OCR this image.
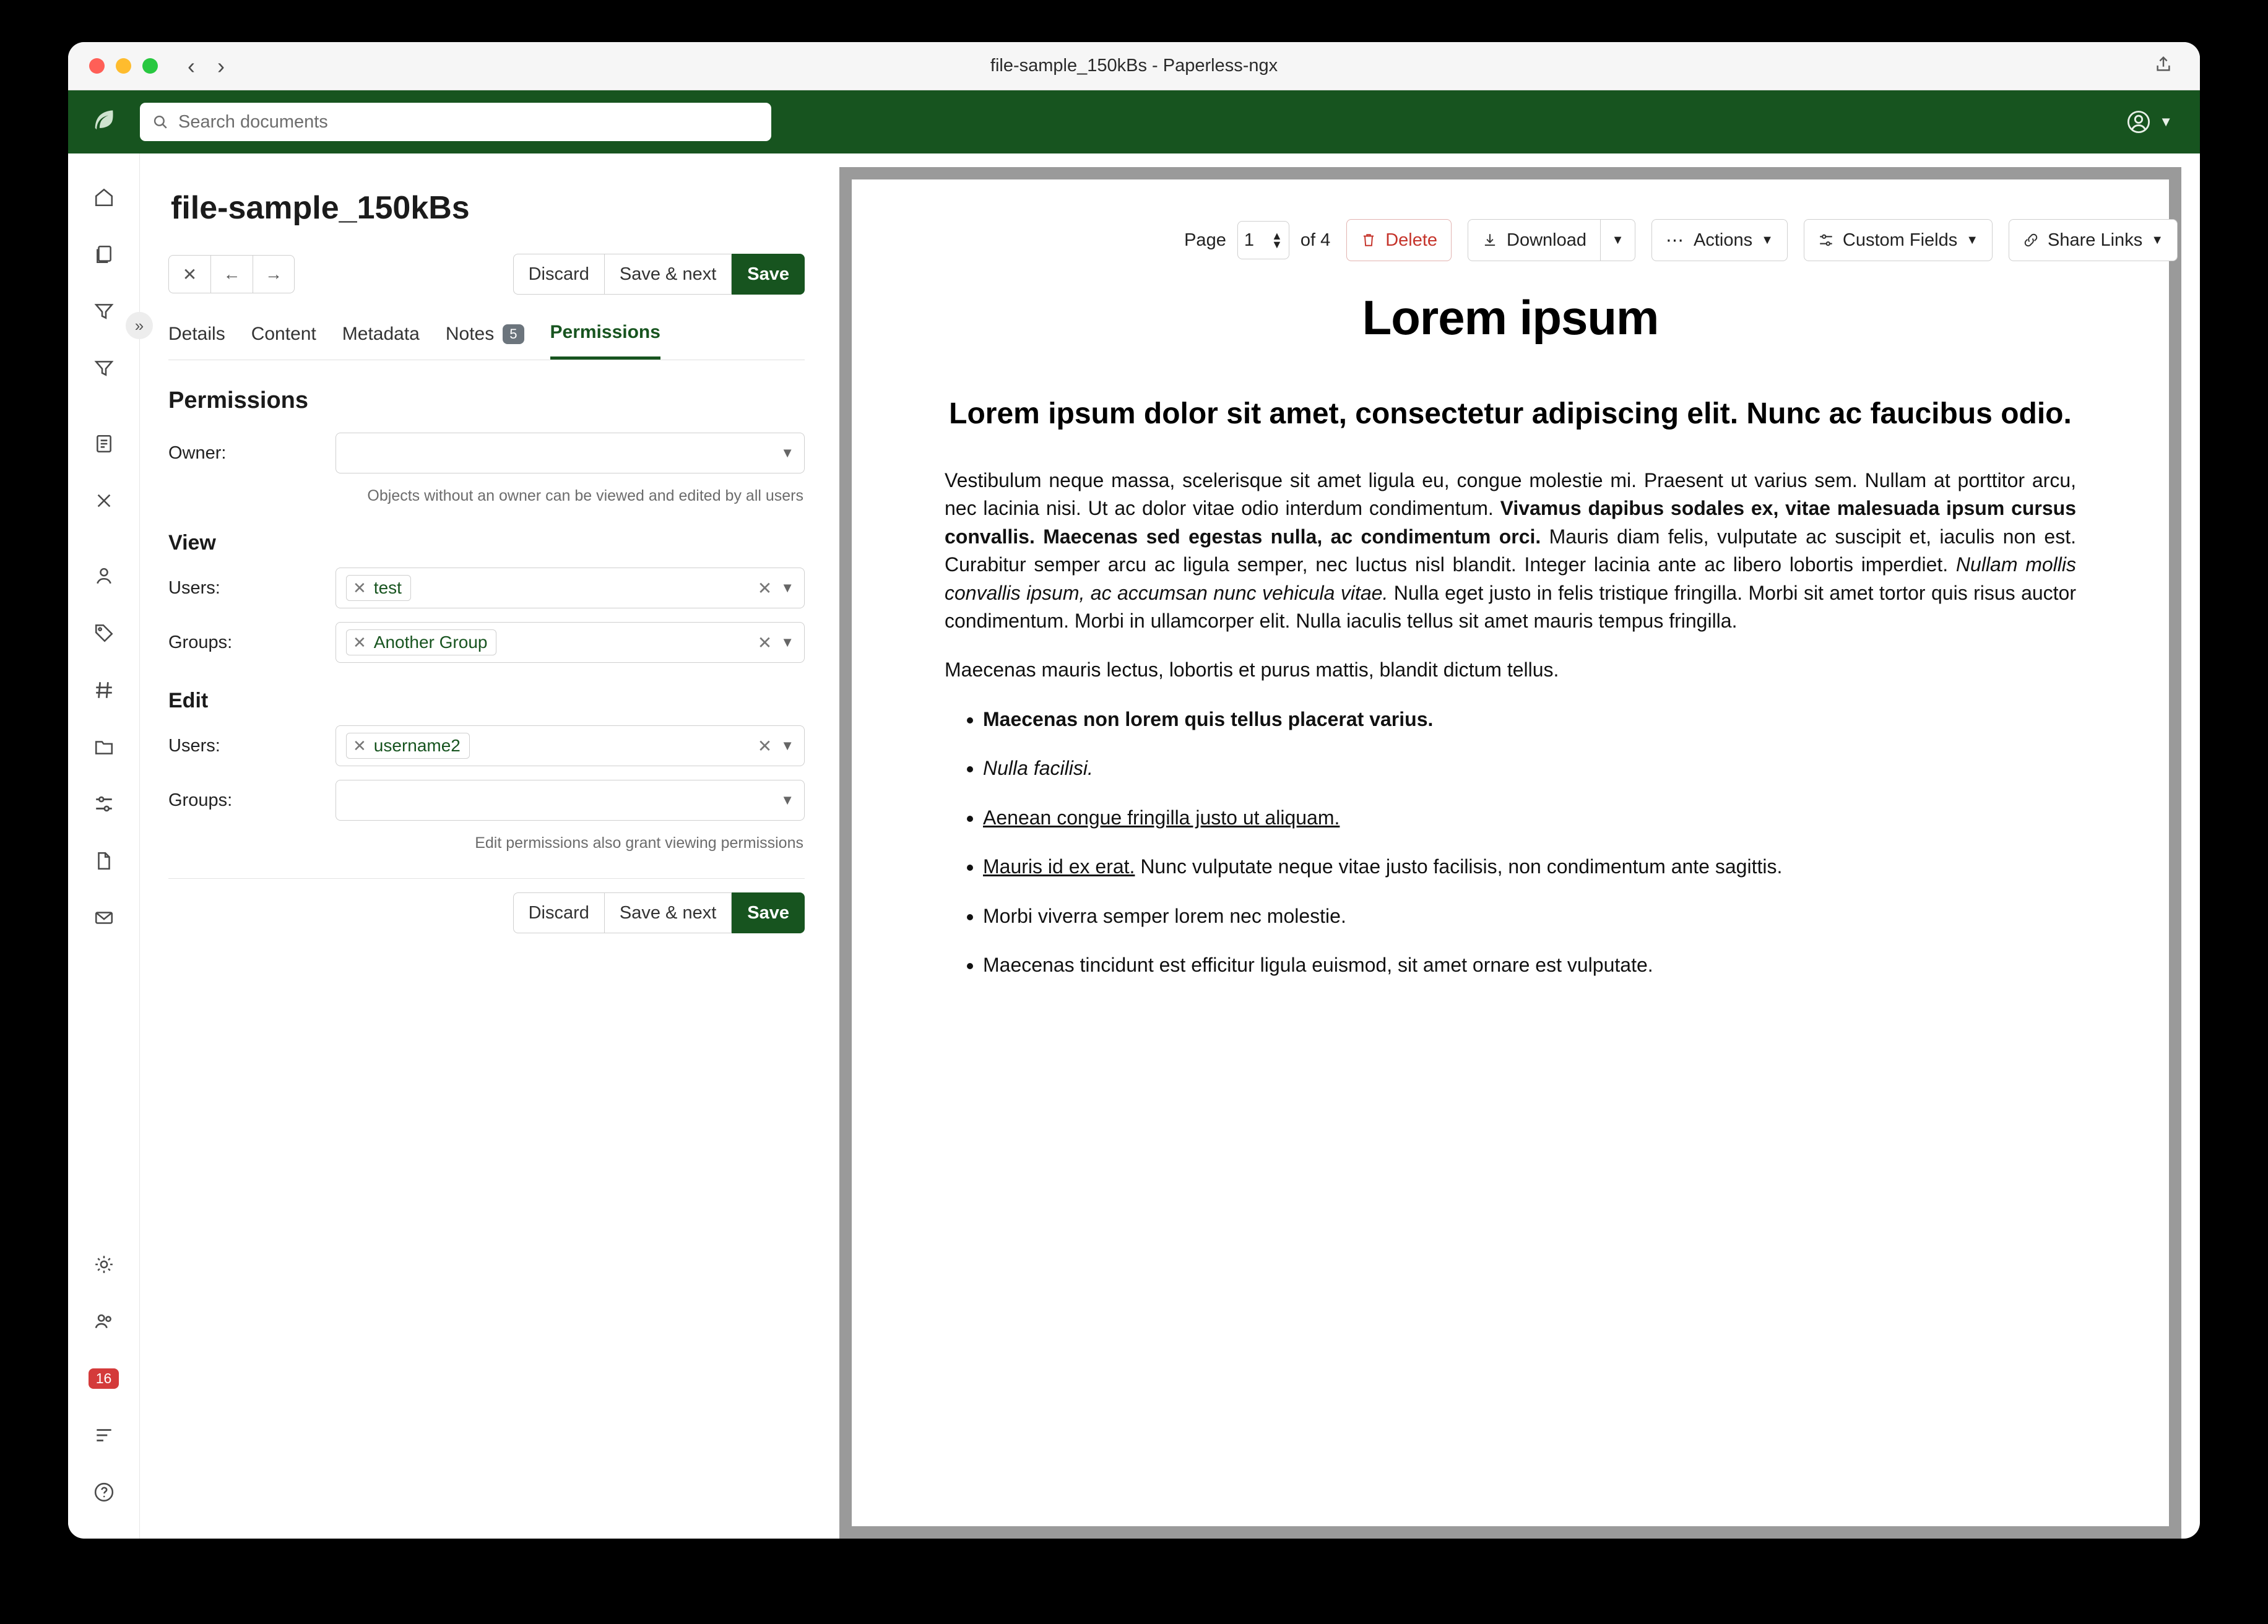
‹ ›	file-sample_150kBs - Paperless-ngx
Search documents	▼
»
16
file-sample_150kBs
✕	←	→	Discard	Save & next	Save
Details Content Metadata Notes	5	Permissions
Permissions
Owner:	▼
Objects without an owner can be viewed and edited by all users
View
Users:	✕ test	✕ ▼
Groups:	✕ Another Group	✕ ▼
Edit
Users:	✕ username2	✕ ▼
Groups:	▼
Edit permissions also grant viewing permissions
Discard	Save & next	Save
Lorem ipsum
Lorem ipsum dolor sit amet, consectetur adipiscing elit. Nunc ac faucibus odio.
Vestibulum neque massa, scelerisque sit amet ligula eu, congue molestie mi. Praesent ut varius sem. Nullam at porttitor arcu, nec lacinia nisi. Ut ac dolor vitae odio interdum condimentum. Vivamus dapibus sodales ex, vitae malesuada ipsum cursus convallis. Maecenas sed egestas nulla, ac condimentum orci. Mauris diam felis, vulputate ac suscipit et, iaculis non est. Curabitur semper arcu ac ligula semper, nec luctus nisl blandit. Integer lacinia ante ac libero lobortis imperdiet. Nullam mollis convallis ipsum, ac accumsan nunc vehicula vitae. Nulla eget justo in felis tristique fringilla. Morbi sit amet tortor quis risus auctor condimentum. Morbi in ullamcorper elit. Nulla iaculis tellus sit amet mauris tempus fringilla.
Maecenas mauris lectus, lobortis et purus mattis, blandit dictum tellus.
• Maecenas non lorem quis tellus placerat varius.
• Nulla facilisi.
• Aenean congue fringilla justo ut aliquam.
• Mauris id ex erat. Nunc vulputate neque vitae justo facilisis, non condimentum ante sagittis.
• Morbi viverra semper lorem nec molestie.
• Maecenas tincidunt est efficitur ligula euismod, sit amet ornare est vulputate.
Page 1 ▲
▼ of 4	Delete	Download ▼ ⋯ Actions ▼	Custom Fields ▼	Share Links ▼
